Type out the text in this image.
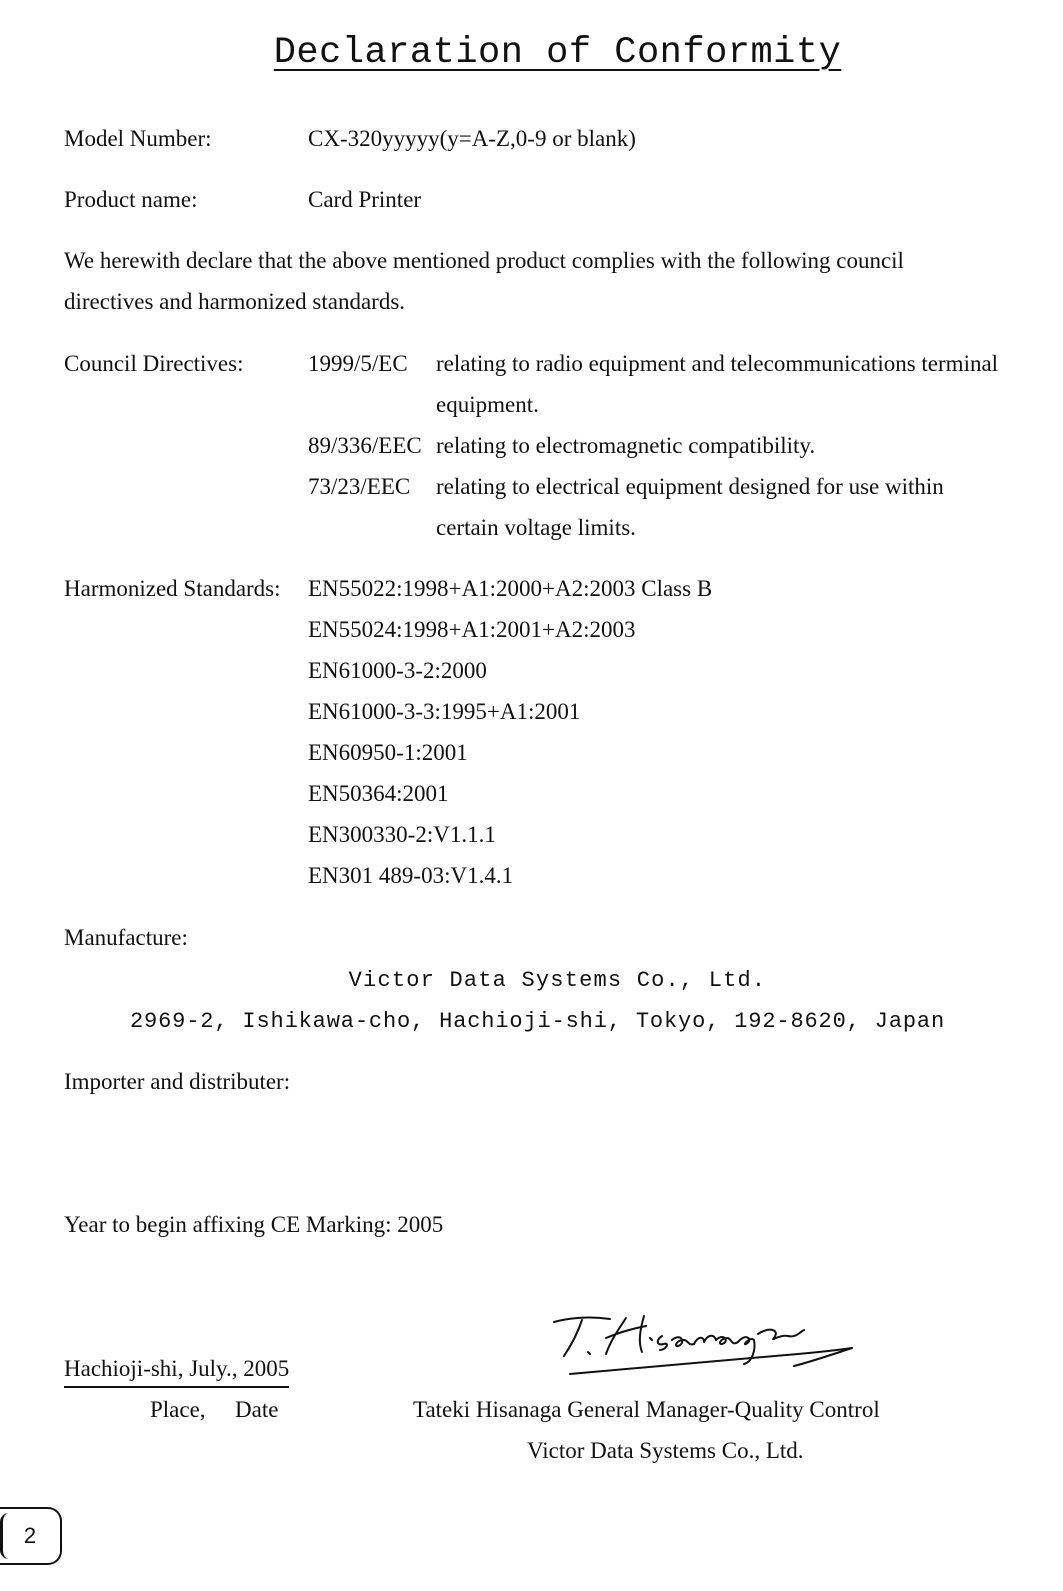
Declaration of Conformity
Model Number:	CX-320yyyyy(y=A-Z,0-9 or blank)
Product name:	Card Printer
We herewith declare that the above mentioned product complies with the following council
directives and harmonized standards.
Council Directives:	1999/5/EC relating to radio equipment and telecommunications terminal
equipment.
89/336/EEC relating to electromagnetic compatibility.
73/23/EEC relating to electrical equipment designed for use within
certain voltage limits.
Harmonized Standards: EN55022:1998+A1:2000+A2:2003 Class B
EN55024:1998+A1:2001+A2:2003
EN61000-3-2:2000
EN61000-3-3:1995+A1:2001
EN60950-1:2001
EN50364:2001
EN300330-2:V1.1.1
EN301 489-03:V1.4.1
Manufacture:
Victor Data Systems Co., Ltd.
2969-2, Ishikawa-cho, Hachioji-shi, Tokyo, 192-8620, Japan
Importer and distributer:
Year to begin affixing CE Marking: 2005
Hachioji-shi, July., 2005
Place, Date	Tateki Hisanaga General Manager-Quality Control
Victor Data Systems Co., Ltd.
2
